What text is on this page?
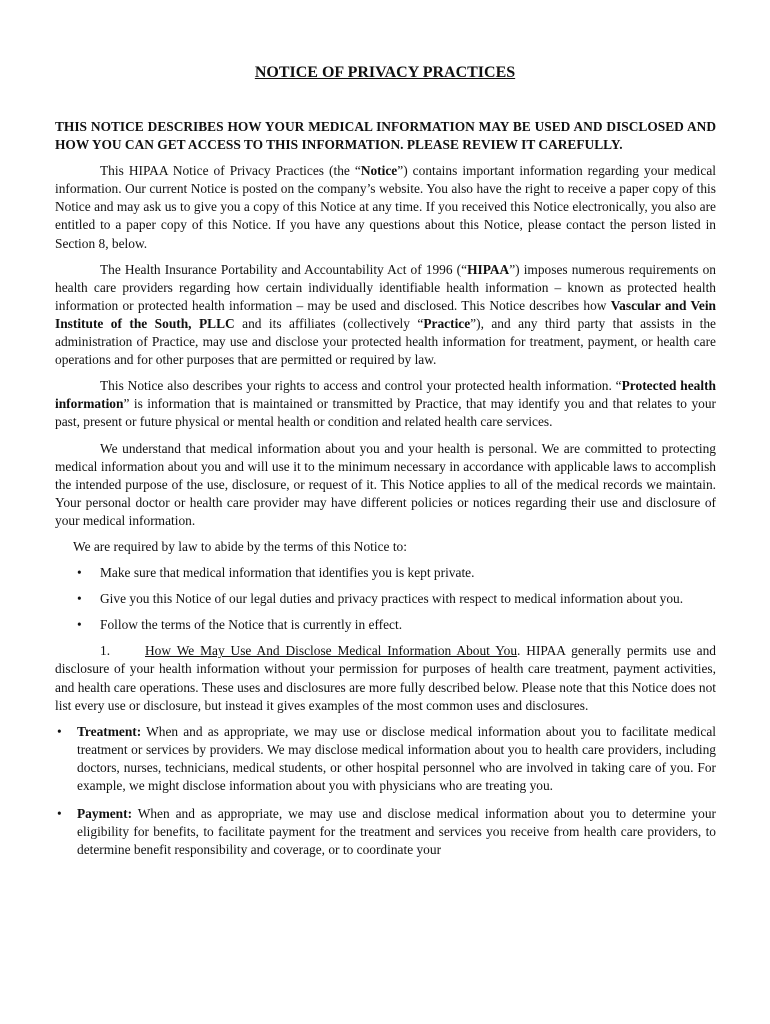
NOTICE OF PRIVACY PRACTICES

THIS NOTICE DESCRIBES HOW YOUR MEDICAL INFORMATION MAY BE USED AND DISCLOSED AND HOW YOU CAN GET ACCESS TO THIS INFORMATION. PLEASE REVIEW IT CAREFULLY.

This HIPAA Notice of Privacy Practices (the “Notice”) contains important information regarding your medical information. Our current Notice is posted on the company’s website. You also have the right to receive a paper copy of this Notice and may ask us to give you a copy of this Notice at any time. If you received this Notice electronically, you also are entitled to a paper copy of this Notice. If you have any questions about this Notice, please contact the person listed in Section 8, below.

The Health Insurance Portability and Accountability Act of 1996 (“HIPAA”) imposes numerous requirements on health care providers regarding how certain individually identifiable health information – known as protected health information or protected health information – may be used and disclosed. This Notice describes how Vascular and Vein Institute of the South, PLLC and its affiliates (collectively “Practice”), and any third party that assists in the administration of Practice, may use and disclose your protected health information for treatment, payment, or health care operations and for other purposes that are permitted or required by law.

This Notice also describes your rights to access and control your protected health information. “Protected health information” is information that is maintained or transmitted by Practice, that may identify you and that relates to your past, present or future physical or mental health or condition and related health care services.

We understand that medical information about you and your health is personal. We are committed to protecting medical information about you and will use it to the minimum necessary in accordance with applicable laws to accomplish the intended purpose of the use, disclosure, or request of it. This Notice applies to all of the medical records we maintain. Your personal doctor or health care provider may have different policies or notices regarding their use and disclosure of your medical information.

We are required by law to abide by the terms of this Notice to:

• Make sure that medical information that identifies you is kept private.
• Give you this Notice of our legal duties and privacy practices with respect to medical information about you.
• Follow the terms of the Notice that is currently in effect.

1.	How We May Use And Disclose Medical Information About You. HIPAA generally permits use and disclosure of your health information without your permission for purposes of health care treatment, payment activities, and health care operations. These uses and disclosures are more fully described below. Please note that this Notice does not list every use or disclosure, but instead it gives examples of the most common uses and disclosures.

• Treatment: When and as appropriate, we may use or disclose medical information about you to facilitate medical treatment or services by providers. We may disclose medical information about you to health care providers, including doctors, nurses, technicians, medical students, or other hospital personnel who are involved in taking care of you. For example, we might disclose information about you with physicians who are treating you.
• Payment: When and as appropriate, we may use and disclose medical information about you to determine your eligibility for benefits, to facilitate payment for the treatment and services you receive from health care providers, to determine benefit responsibility and coverage, or to coordinate your
